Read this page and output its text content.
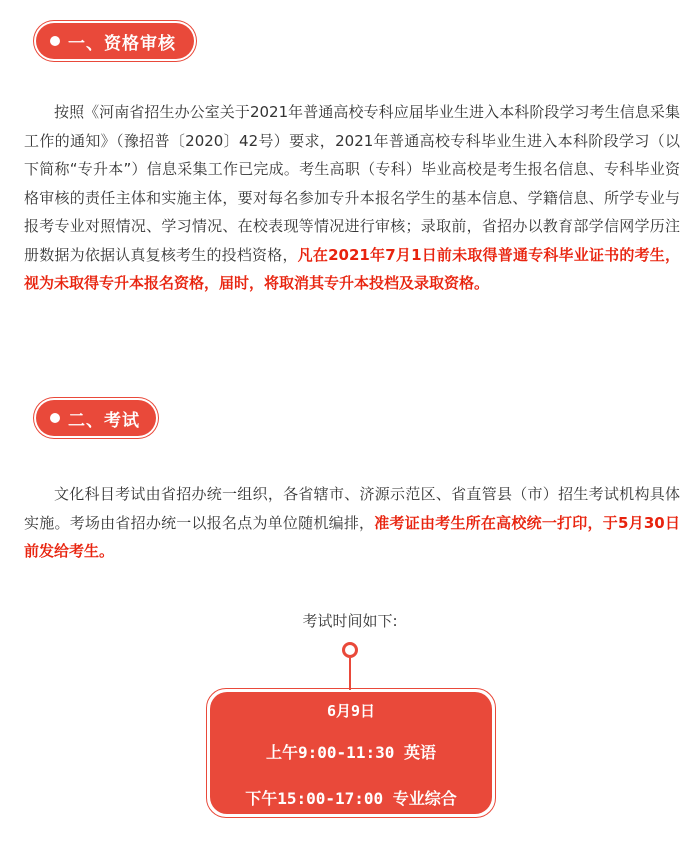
一、资格审核

按照《河南省招生办公室关于2021年普通高校专科应届毕业生进入本科阶段学习考生信息采集工作的通知》（豫招普〔2020〕42号）要求，2021年普通高校专科毕业生进入本科阶段学习（以下简称“专升本”）信息采集工作已完成。考生高职（专科）毕业高校是考生报名信息、专科毕业资格审核的责任主体和实施主体，要对每名参加专升本报名学生的基本信息、学籍信息、所学专业与报考专业对照情况、学习情况、在校表现等情况进行审核；录取前，省招办以教育部学信网学历注册数据为依据认真复核考生的投档资格，凡在2021年7月1日前未取得普通专科毕业证书的考生，视为未取得专升本报名资格，届时，将取消其专升本投档及录取资格。

二、考试

文化科目考试由省招办统一组织，各省辖市、济源示范区、省直管县（市）招生考试机构具体实施。考场由省招办统一以报名点为单位随机编排，准考证由考生所在高校统一打印，于5月30日前发给考生。

考试时间如下:
6月9日
上午9:00-11:30 英语
下午15:00-17:00 专业综合
